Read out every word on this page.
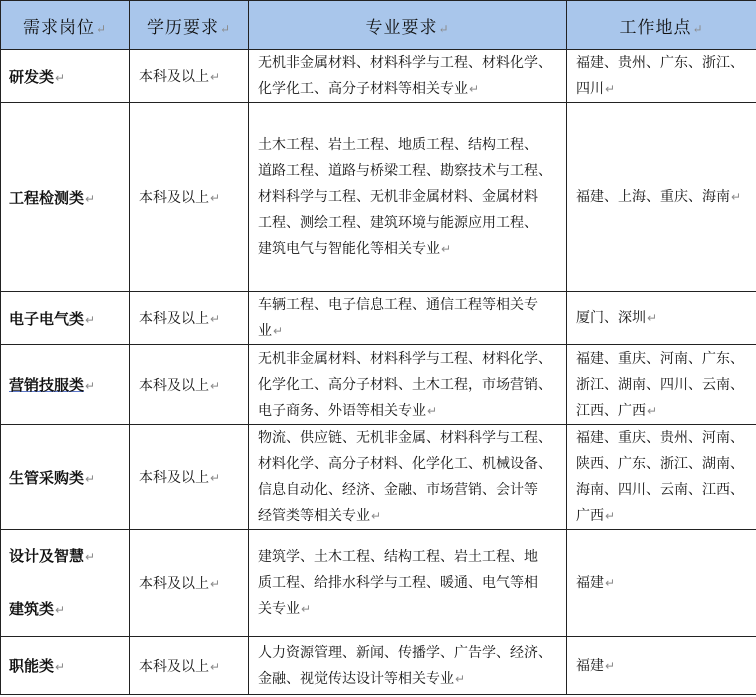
需求岗位↵	学历要求↵	专业要求↵	工作地点↵
研发类↵	本科及以上↵	无机非金属材料、材料科学与工程、材料化学、
化学化工、高分子材料等相关专业↵	福建、贵州、广东、浙江、
四川↵

工程检测类↵	本科及以上↵	土木工程、岩土工程、地质工程、结构工程、
道路工程、道路与桥梁工程、勘察技术与工程、
材料科学与工程、无机非金属材料、金属材料
工程、测绘工程、建筑环境与能源应用工程、
建筑电气与智能化等相关专业↵	福建、上海、重庆、海南↵

电子电气类↵	本科及以上↵	车辆工程、电子信息工程、通信工程等相关专
业↵	厦门、深圳↵

营销技服类↵	本科及以上↵	无机非金属材料、材料科学与工程、材料化学、
化学化工、高分子材料、土木工程，市场营销、
电子商务、外语等相关专业↵	福建、重庆、河南、广东、
浙江、湖南、四川、云南、
江西、广西↵

生管采购类↵	本科及以上↵	物流、供应链、无机非金属、材料科学与工程、
材料化学、高分子材料、化学化工、机械设备、
信息自动化、经济、金融、市场营销、会计等
经管类等相关专业↵	福建、重庆、贵州、河南、
陕西、广东、浙江、湖南、
海南、四川、云南、江西、
广西↵

设计及智慧↵
建筑类↵	本科及以上↵	建筑学、土木工程、结构工程、岩土工程、地
质工程、给排水科学与工程、暖通、电气等相
关专业↵	福建↵

职能类↵	本科及以上↵	人力资源管理、新闻、传播学、广告学、经济、
金融、视觉传达设计等相关专业↵	福建↵
